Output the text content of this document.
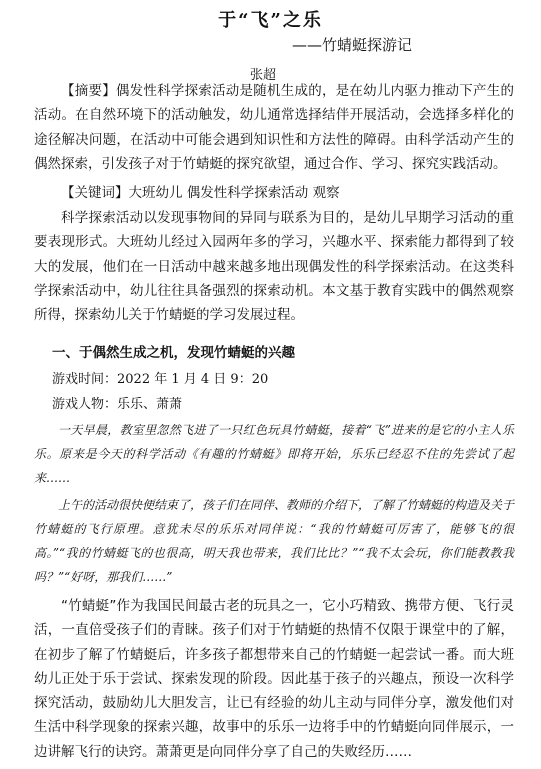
于“飞”之乐
——竹蜻蜓探游记
张超

【摘要】偶发性科学探索活动是随机生成的，是在幼儿内驱力推动下产生的活动。在自然环境下的活动触发，幼儿通常选择结伴开展活动，会选择多样化的途径解决问题，在活动中可能会遇到知识性和方法性的障碍。由科学活动产生的偶然探索，引发孩子对于竹蜻蜓的探究欲望，通过合作、学习、探究实践活动。

【关键词】大班幼儿 偶发性科学探索活动 观察

科学探索活动以发现事物间的异同与联系为目的，是幼儿早期学习活动的重要表现形式。大班幼儿经过入园两年多的学习，兴趣水平、探索能力都得到了较大的发展，他们在一日活动中越来越多地出现偶发性的科学探索活动。在这类科学探索活动中，幼儿往往具备强烈的探索动机。本文基于教育实践中的偶然观察所得，探索幼儿关于竹蜻蜓的学习发展过程。

一、于偶然生成之机，发现竹蜻蜓的兴趣
游戏时间：2022 年 1 月 4 日 9：20
游戏人物：乐乐、萧萧

一天早晨，教室里忽然飞进了一只红色玩具竹蜻蜓，接着“飞”进来的是它的小主人乐乐。原来是今天的科学活动《有趣的竹蜻蜓》即将开始，乐乐已经忍不住的先尝试了起来……

上午的活动很快便结束了，孩子们在同伴、教师的介绍下，了解了竹蜻蜓的构造及关于竹蜻蜓的飞行原理。意犹未尽的乐乐对同伴说：“我的竹蜻蜓可厉害了，能够飞的很高。”“我的竹蜻蜓飞的也很高，明天我也带来，我们比比？”“我不太会玩，你们能教教我吗？”“好呀，那我们……”

“竹蜻蜓”作为我国民间最古老的玩具之一，它小巧精致、携带方便、飞行灵活，一直倍受孩子们的青睐。孩子们对于竹蜻蜓的热情不仅限于课堂中的了解，在初步了解了竹蜻蜓后，许多孩子都想带来自己的竹蜻蜓一起尝试一番。而大班幼儿正处于乐于尝试、探索发现的阶段。因此基于孩子的兴趣点，预设一次科学探究活动，鼓励幼儿大胆发言，让已有经验的幼儿主动与同伴分享，激发他们对生活中科学现象的探索兴趣，故事中的乐乐一边将手中的竹蜻蜓向同伴展示，一边讲解飞行的诀窍。萧萧更是向同伴分享了自己的失败经历……
